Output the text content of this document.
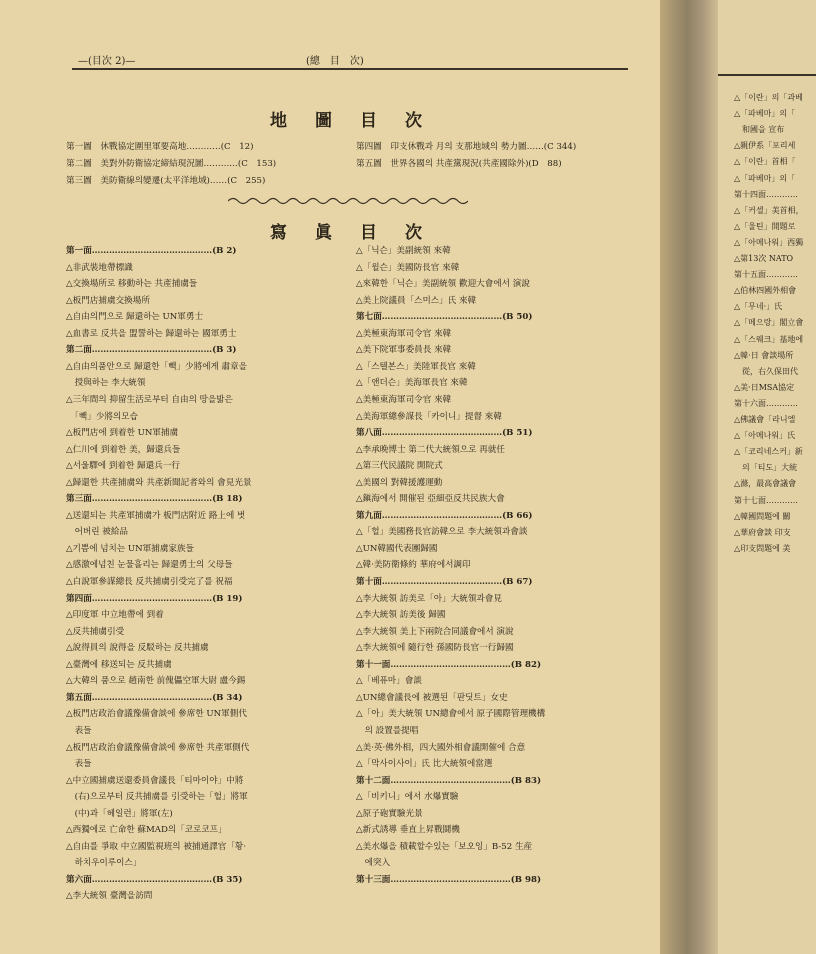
—(目次 2)—	(總　目　次)
地圖目次
第一圖　休戰協定圍里軍要高地…………(C　12)
第二圖　美對外防衛協定締結現況圖…………(C　153)
第三圖　美防衛線의變遷(太平洋地域)……(C　255)
第四圖　印支休戰과 月의 支那地域의 勢力圖……(C 344)
第五圖　世界各國의 共產黨現況(共產國除外)(D　88)
寫眞目次
第一面……………………………………(B 2)
△非武裝地帶標識
△交換場所로 移動하는 共產捕虜들
△板門店捕虜交換場所
△自由의門으로 歸還하는 UN軍勇士
△血書로 反共을 盟誓하는 歸還하는 國軍勇士
第二面……………………………………(B 3)
△自由의품안으로 歸還한「빽」少將에게 肅章을
　授與하는 李大統領
△三年間의 抑留生活로부터 自由의 땅을밟은
　「빽」少將의모습
△板門店에 到着한 UN軍捕虜
△仁川에 到着한 美，歸還兵들
△서울驛에 到着한 歸還兵一行
△歸還한 共產捕虜와 共產新聞記者와의 會見光景
第三面……………………………………(B 18)
△送還되는 共產軍捕虜가 板門店附近 路上에 벗
　어버린 被給品
△기쁨에 넘치는 UN軍捕虜家族들
△感激에넘친 눈물흘리는 歸還勇士의 父母들
△白說軍參謀總長 反共捕虜引受完了를 祝福
第四面……………………………………(B 19)
△印度軍 中立地帶에 到着
△反共捕虜引受
△說得員의 說得을 反駁하는 反共捕虜
△臺灣에 移送되는 反共捕虜
△大韓의 품으로 趙南한 前傀儡空軍大尉 盧今錫
第五面……………………………………(B 34)
△板門店政治會議豫備會談에 參席한 UN軍側代
　表들
△板門店政治會議豫備會談에 參席한 共產軍側代
　表들
△中立國捕虜送還委員會議長「티마이야」中將
　(右)으로부터 反共捕虜를 引受하는「헐」將軍
　(中)과「헤일런」將軍(左)
△西獨에로 亡命한 蘇MAD의「코로코프」
△自由를 爭取 中立國監視班의 被捕通譯官「황·
　하치우이루이스」
第六面……………………………………(B 35)
△李大統領 臺灣을訪問
△「닉슨」美副統領 來韓
△「윌슨」美國防長官 來韓
△來韓한「닉슨」美副統領 歡迎大會에서 演說
△美上院議員「스미스」氏 來韓
第七面……………………………………(B 50)
△美極東海軍司令官 來韓
△美下院軍事委員長 來韓
△「스텔본스」美陸軍長官 來韓
△「앤더슨」美海軍長官 來韓
△美極東海軍司令官 來韓
△美海軍總參謀長「카이니」提督 來韓
第八面……………………………………(B 51)
△李承晩博士 第二代大統領으로 再就任
△第三代民議院 開院式
△美國의 對韓援護運動
△鎭海에서 開催된 亞細亞反共民族大會
第九面……………………………………(B 66)
△「헐」美國務長官訪韓으로 李大統領과會談
△UN韓國代表團歸國
△韓·美防衛條約 華府에서調印
第十面……………………………………(B 67)
△李大統領 訪美로「아」大統領과會見
△李大統領 訪美後 歸國
△李大統領 美上下兩院合同議會에서 演說
△李大統領에 隨行한 孫國防長官一行歸國
第十一面……………………………………(B 82)
△「베퓨마」會談
△UN總會議長에 被選된「판딧트」女史
△「아」美大統領 UN總會에서 原子國際管理機構
　의 設置를提唱
△美·英·佛外相，四大國外相會議開催에 合意
△「막사이사이」氏 比大統領에當選
第十二面……………………………………(B 83)
△「비키니」에서 水爆實驗
△原子砲實驗光景
△新式誘導 垂直上昇戰鬪機
△美水爆을 積載할수있는「보오잉」B-52 生産
　에突入
第十三面……………………………………(B 98)
△「이란」의「과베
△「파베마」의「
　和國을 宣布
△親伊系「포리세
△「이란」首相「
△「파베마」의「
第十四面…………
△「커셀」美首相，
△「울틴」開題로
△「아메나워」西獨
△第13次 NATO
第十五面…………
△伯林四國外相會
△「무네·」氏
△「메으랑」閣立會
△「스웨크」基地에
△韓·日 會談場所
　從，右久保田代
△美·日MSA協定
第十六面…………
△佛議會「라니엘
△「아메나워」氏
△「코리네스커」新
　의「티도」大統
△滌，最高會議會
第十七面…………
△韓國問題에 關
△華府會談 印支
△印支問題에 美
